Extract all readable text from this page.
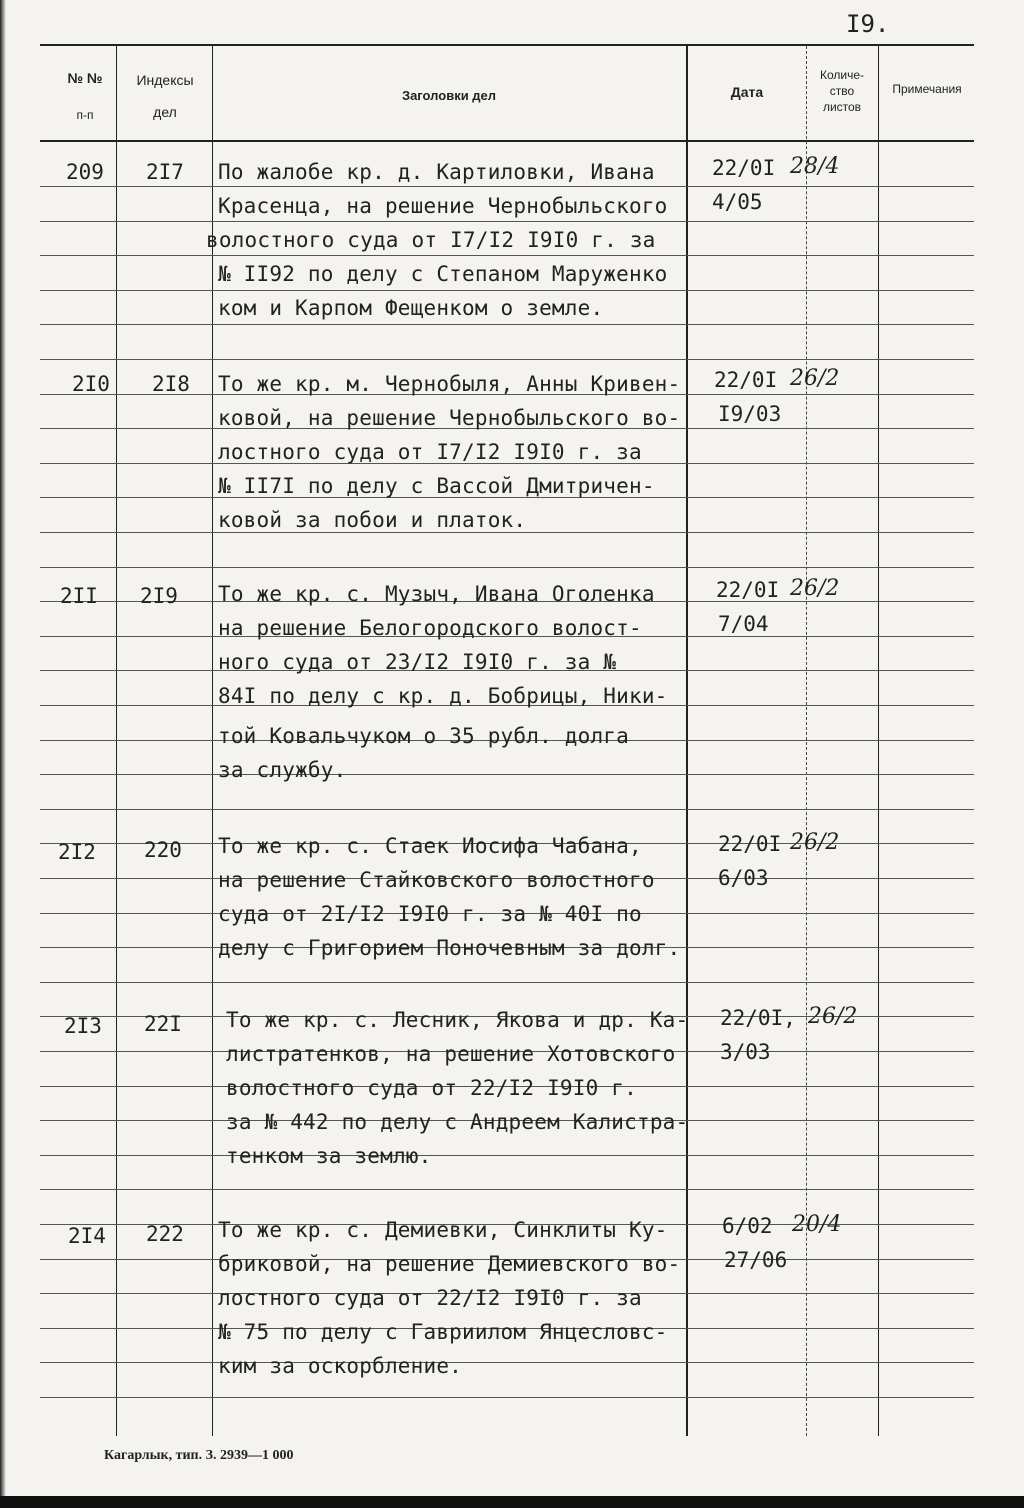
I9.
№ №
п-п
Индексы
дел
Заголовки дел	Дата
Количе-
ство
листов
Примечания
209 2I7 По жалобе кр. д. Картиловки, Ивана
Красенца, на решение Чернобыльского
волостного суда от I7/I2 I9I0 г. за
№ II92 по делу с Степаном Маруженко
ком и Карпом Фещенком о земле.
22/0I
4/05
28/4
2I0 2I8 То же кр. м. Чернобыля, Анны Кривен-
ковой, на решение Чернобыльского во-
лостного суда от I7/I2 I9I0 г. за
№ II7I по делу с Вассой Дмитричен-
ковой за побои и платок.
22/0I
I9/03
26/2
2II 2I9 То же кр. с. Музыч, Ивана Оголенка
на решение Белогородского волост-
ного суда от 23/I2 I9I0 г. за №
84I по делу с кр. д. Бобрицы, Ники-
той Ковальчуком о 35 рубл. долга
за службу.
22/0I
7/04
26/2
2I2 220 То же кр. с. Стаек Иосифа Чабана,
на решение Стайковского волостного
суда от 2I/I2 I9I0 г. за № 40I по
делу с Григорием Поночевным за долг.
22/0I
6/03
26/2
2I3 22I То же кр. с. Лесник, Якова и др. Ка-
листратенков, на решение Хотовского
волостного суда от 22/I2 I9I0 г.
за № 442 по делу с Андреем Калистра-
тенком за землю.
22/0I,
3/03
26/2
2I4 222 То же кр. с. Демиевки, Синклиты Ку-
бриковой, на решение Демиевского во-
лостного суда от 22/I2 I9I0 г. за
№ 75 по делу с Гавриилом Янцесловс-
ким за оскорбление.
6/02
27/06
20/4
Кагарлык, тип. З. 2939—1 000
